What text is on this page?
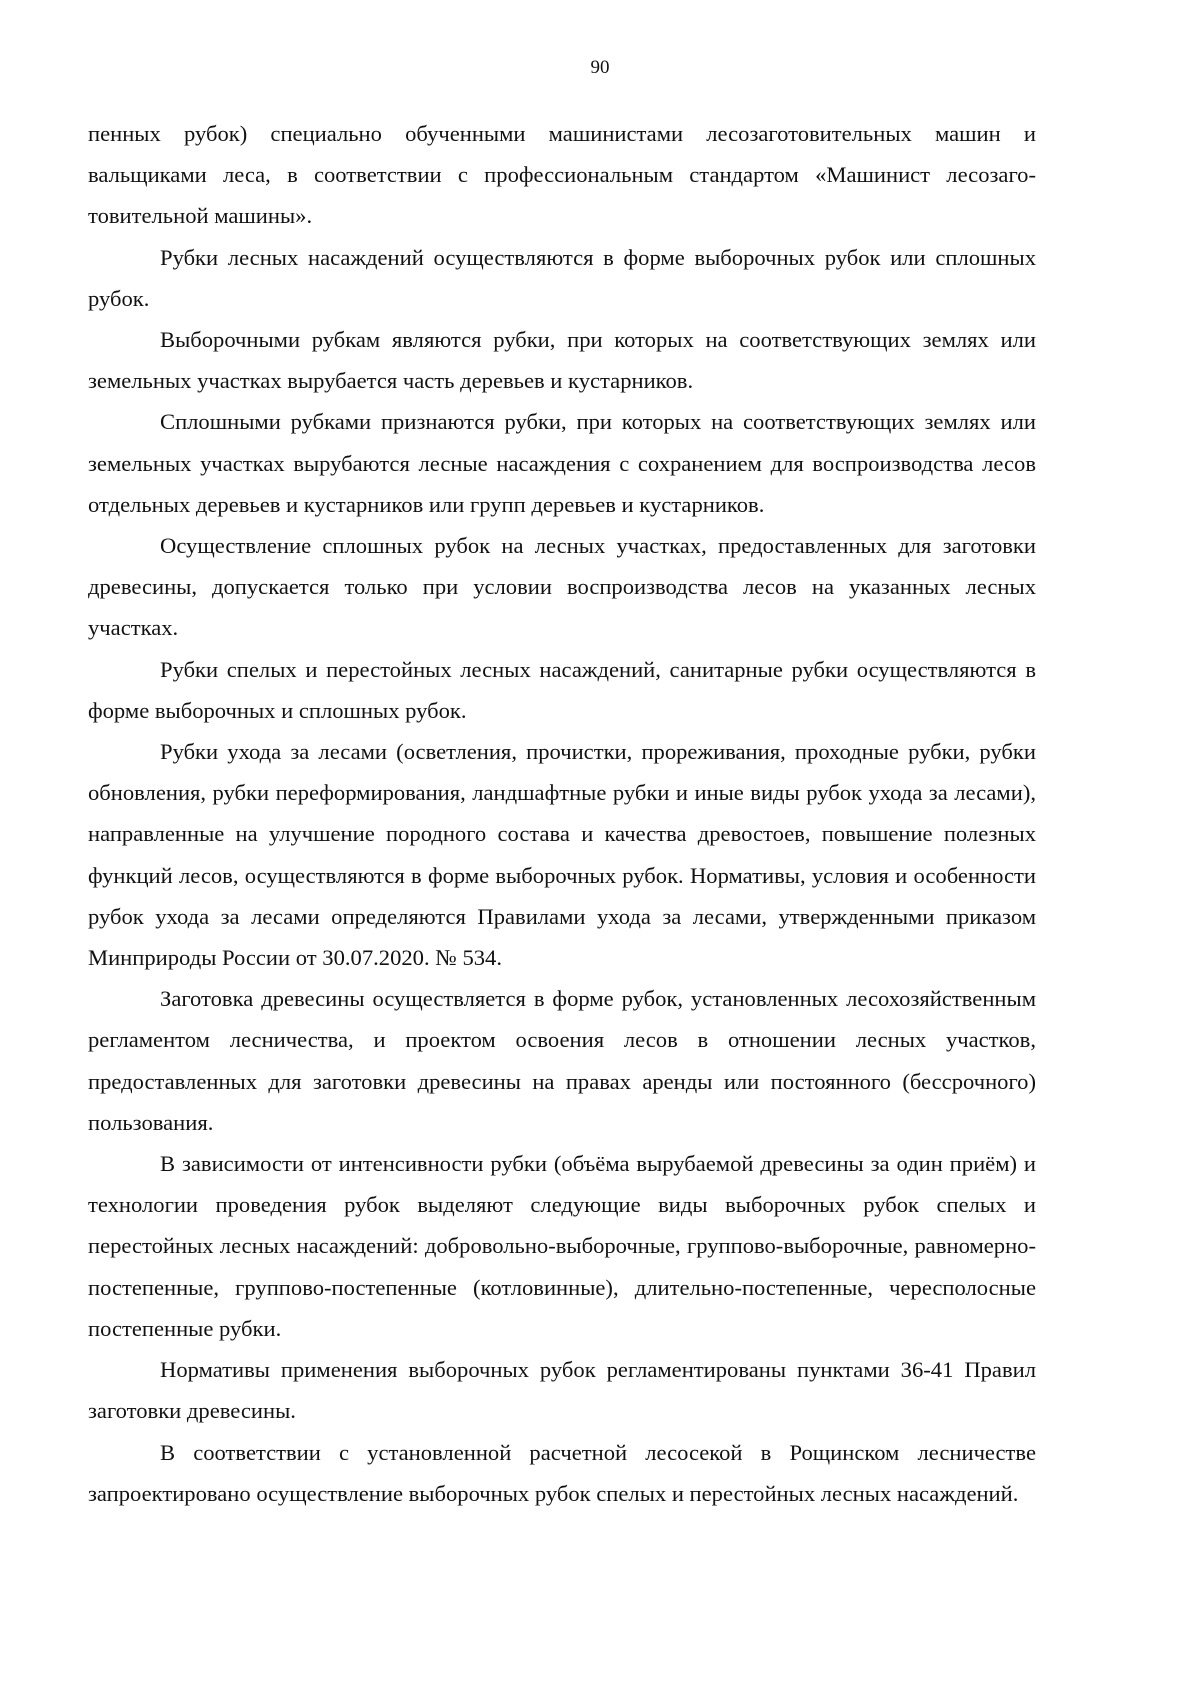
90

пенных рубок) специально обученными машинистами лесозаготовительных машин и вальщиками леса, в соответствии с профессиональным стандартом «Машинист лесозаготовительной машины».

Рубки лесных насаждений осуществляются в форме выборочных рубок или сплошных рубок.

Выборочными рубкам являются рубки, при которых на соответствующих землях или земельных участках вырубается часть деревьев и кустарников.

Сплошными рубками признаются рубки, при которых на соответствующих землях или земельных участках вырубаются лесные насаждения с сохранением для воспроизводства лесов отдельных деревьев и кустарников или групп деревьев и кустарников.

Осуществление сплошных рубок на лесных участках, предоставленных для заготовки древесины, допускается только при условии воспроизводства лесов на указанных лесных участках.

Рубки спелых и перестойных лесных насаждений, санитарные рубки осуществляются в форме выборочных и сплошных рубок.

Рубки ухода за лесами (осветления, прочистки, прореживания, проходные рубки, рубки обновления, рубки переформирования, ландшафтные рубки и иные виды рубок ухода за лесами), направленные на улучшение породного состава и качества древостоев, повышение полезных функций лесов, осуществляются в форме выборочных рубок. Нормативы, условия и особенности рубок ухода за лесами определяются Правилами ухода за лесами, утвержденными приказом Минприроды России от 30.07.2020. № 534.

Заготовка древесины осуществляется в форме рубок, установленных лесохозяйственным регламентом лесничества, и проектом освоения лесов в отношении лесных участков, предоставленных для заготовки древесины на правах аренды или постоянного (бессрочного) пользования.

В зависимости от интенсивности рубки (объёма вырубаемой древесины за один приём) и технологии проведения рубок выделяют следующие виды выборочных рубок спелых и перестойных лесных насаждений: добровольно-выборочные, группово-выборочные, равномерно-постепенные, группово-постепенные (котловинные), длительно-постепенные, чересполосные постепенные рубки.

Нормативы применения выборочных рубок регламентированы пунктами 36-41 Правил заготовки древесины.

В соответствии с установленной расчетной лесосекой в Рощинском лесничестве запроектировано осуществление выборочных рубок спелых и перестойных лесных насаждений.
